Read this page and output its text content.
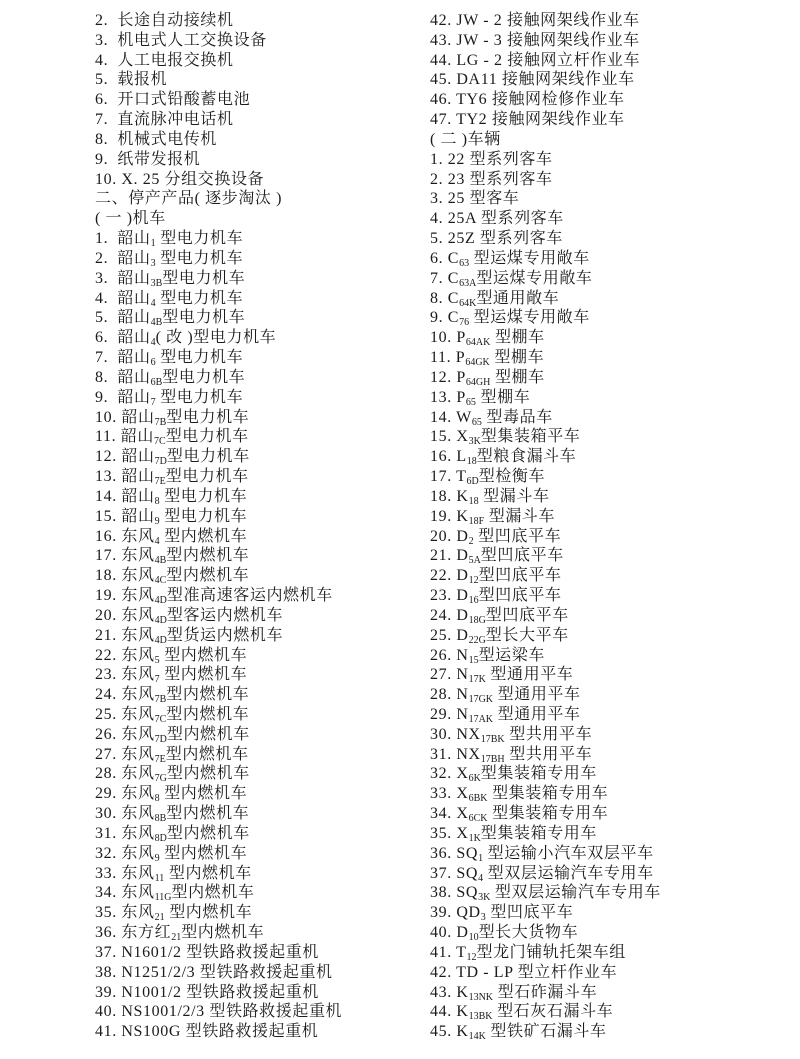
2.  长途自动接续机
3.  机电式人工交换设备
4.  人工电报交换机
5.  载报机
6.  开口式铅酸蓄电池
7.  直流脉冲电话机
8.  机械式电传机
9.  纸带发报机
10. X. 25 分组交换设备
二、停产产品( 逐步淘汰 )
( 一 )机车
1.  韶山$_1$ 型电力机车
2.  韶山$_3$ 型电力机车
3.  韶山$_{3B}$型电力机车
4.  韶山$_4$ 型电力机车
5.  韶山$_{4B}$型电力机车
6.  韶山$_4$( 改 )型电力机车
7.  韶山$_6$ 型电力机车
8.  韶山$_{6B}$型电力机车
9.  韶山$_7$ 型电力机车
10. 韶山$_{7B}$型电力机车
11. 韶山$_{7C}$型电力机车
12. 韶山$_{7D}$型电力机车
13. 韶山$_{7E}$型电力机车
14. 韶山$_8$ 型电力机车
15. 韶山$_9$ 型电力机车
16. 东风$_4$ 型内燃机车
17. 东风$_{4B}$型内燃机车
18. 东风$_{4C}$型内燃机车
19. 东风$_{4D}$型准高速客运内燃机车
20. 东风$_{4D}$型客运内燃机车
21. 东风$_{4D}$型货运内燃机车
22. 东风$_5$ 型内燃机车
23. 东风$_7$ 型内燃机车
24. 东风$_{7B}$型内燃机车
25. 东风$_{7C}$型内燃机车
26. 东风$_{7D}$型内燃机车
27. 东风$_{7E}$型内燃机车
28. 东风$_{7G}$型内燃机车
29. 东风$_8$ 型内燃机车
30. 东风$_{8B}$型内燃机车
31. 东风$_{8D}$型内燃机车
32. 东风$_9$ 型内燃机车
33. 东风$_{11}$ 型内燃机车
34. 东风$_{11G}$型内燃机车
35. 东风$_{21}$ 型内燃机车
36. 东方红$_{21}$型内燃机车
37. N1601/2 型铁路救援起重机
38. N1251/2/3 型铁路救援起重机
39. N1001/2 型铁路救援起重机
40. NS1001/2/3 型铁路救援起重机
41. NS100G 型铁路救援起重机
42. JW - 2 接触网架线作业车
43. JW - 3 接触网架线作业车
44. LG - 2 接触网立杆作业车
45. DA11 接触网架线作业车
46. TY6 接触网检修作业车
47. TY2 接触网架线作业车
( 二 )车辆
1. 22 型系列客车
2. 23 型系列客车
3. 25 型客车
4. 25A 型系列客车
5. 25Z 型系列客车
6. $C_{63}$ 型运煤专用敞车
7. $C_{63A}$型运煤专用敞车
8. $C_{64K}$型通用敞车
9. $C_{76}$ 型运煤专用敞车
10. $P_{64AK}$ 型棚车
11. $P_{64GK}$ 型棚车
12. $P_{64GH}$ 型棚车
13. $P_{65}$ 型棚车
14. $W_{65}$ 型毒品车
15. $X_{3K}$型集装箱平车
16. $L_{18}$型粮食漏斗车
17. $T_{6D}$型检衡车
18. $K_{18}$ 型漏斗车
19. $K_{18F}$ 型漏斗车
20. $D_2$ 型凹底平车
21. $D_{5A}$型凹底平车
22. $D_{12}$型凹底平车
23. $D_{16}$型凹底平车
24. $D_{18G}$型凹底平车
25. $D_{22G}$型长大平车
26. $N_{15}$型运梁车
27. $N_{17K}$ 型通用平车
28. $N_{17GK}$ 型通用平车
29. $N_{17AK}$ 型通用平车
30. $NX_{17BK}$ 型共用平车
31. $NX_{17BH}$ 型共用平车
32. $X_{6K}$型集装箱专用车
33. $X_{6BK}$ 型集装箱专用车
34. $X_{6CK}$ 型集装箱专用车
35. $X_{1K}$型集装箱专用车
36. $SQ_1$ 型运输小汽车双层平车
37. $SQ_4$ 型双层运输汽车专用车
38. $SQ_{3K}$ 型双层运输汽车专用车
39. $QD_3$ 型凹底平车
40. $D_{10}$型长大货物车
41. $T_{12}$型龙门铺轨托架车组
42. TD - LP 型立杆作业车
43. $K_{13NK}$ 型石砟漏斗车
44. $K_{13BK}$ 型石灰石漏斗车
45. $K_{14K}$ 型铁矿石漏斗车
